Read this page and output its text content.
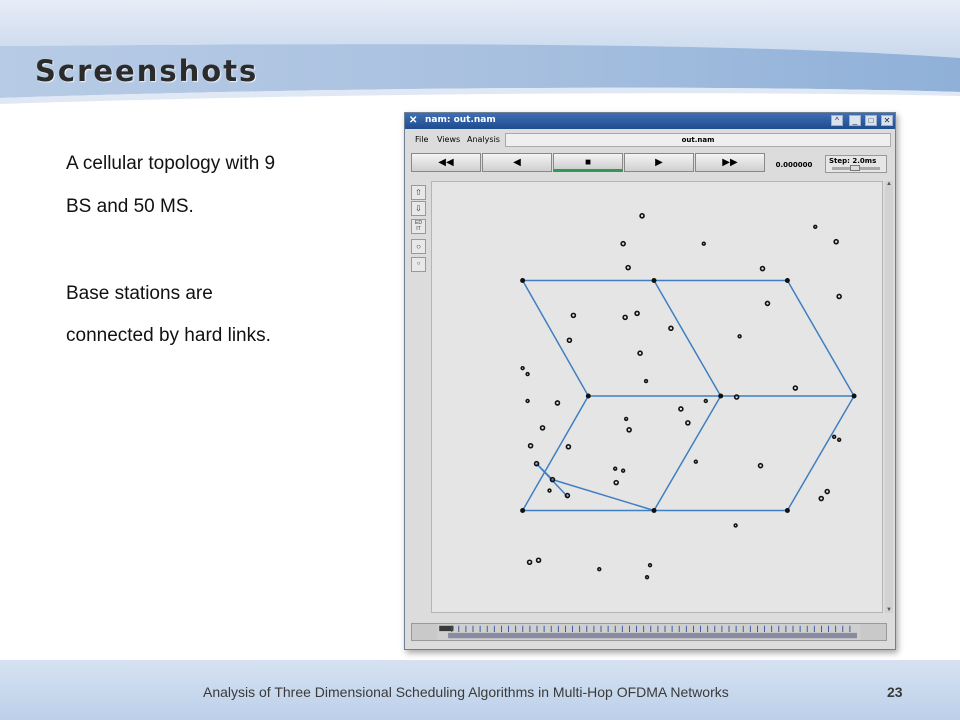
Screenshots
A cellular topology with 9
BS and 50 MS.
Base stations are
connected by hard links.
✕ nam: out.nam	^	_	□	✕
File Views Analysis	out.nam
◀◀	◀	■	▶	▶▶	0.000000	Step: 2.0ms
⇧
⇩
ED
IT
○
○
▲
▼
Analysis of Three Dimensional Scheduling Algorithms in Multi-Hop OFDMA Networks	23
